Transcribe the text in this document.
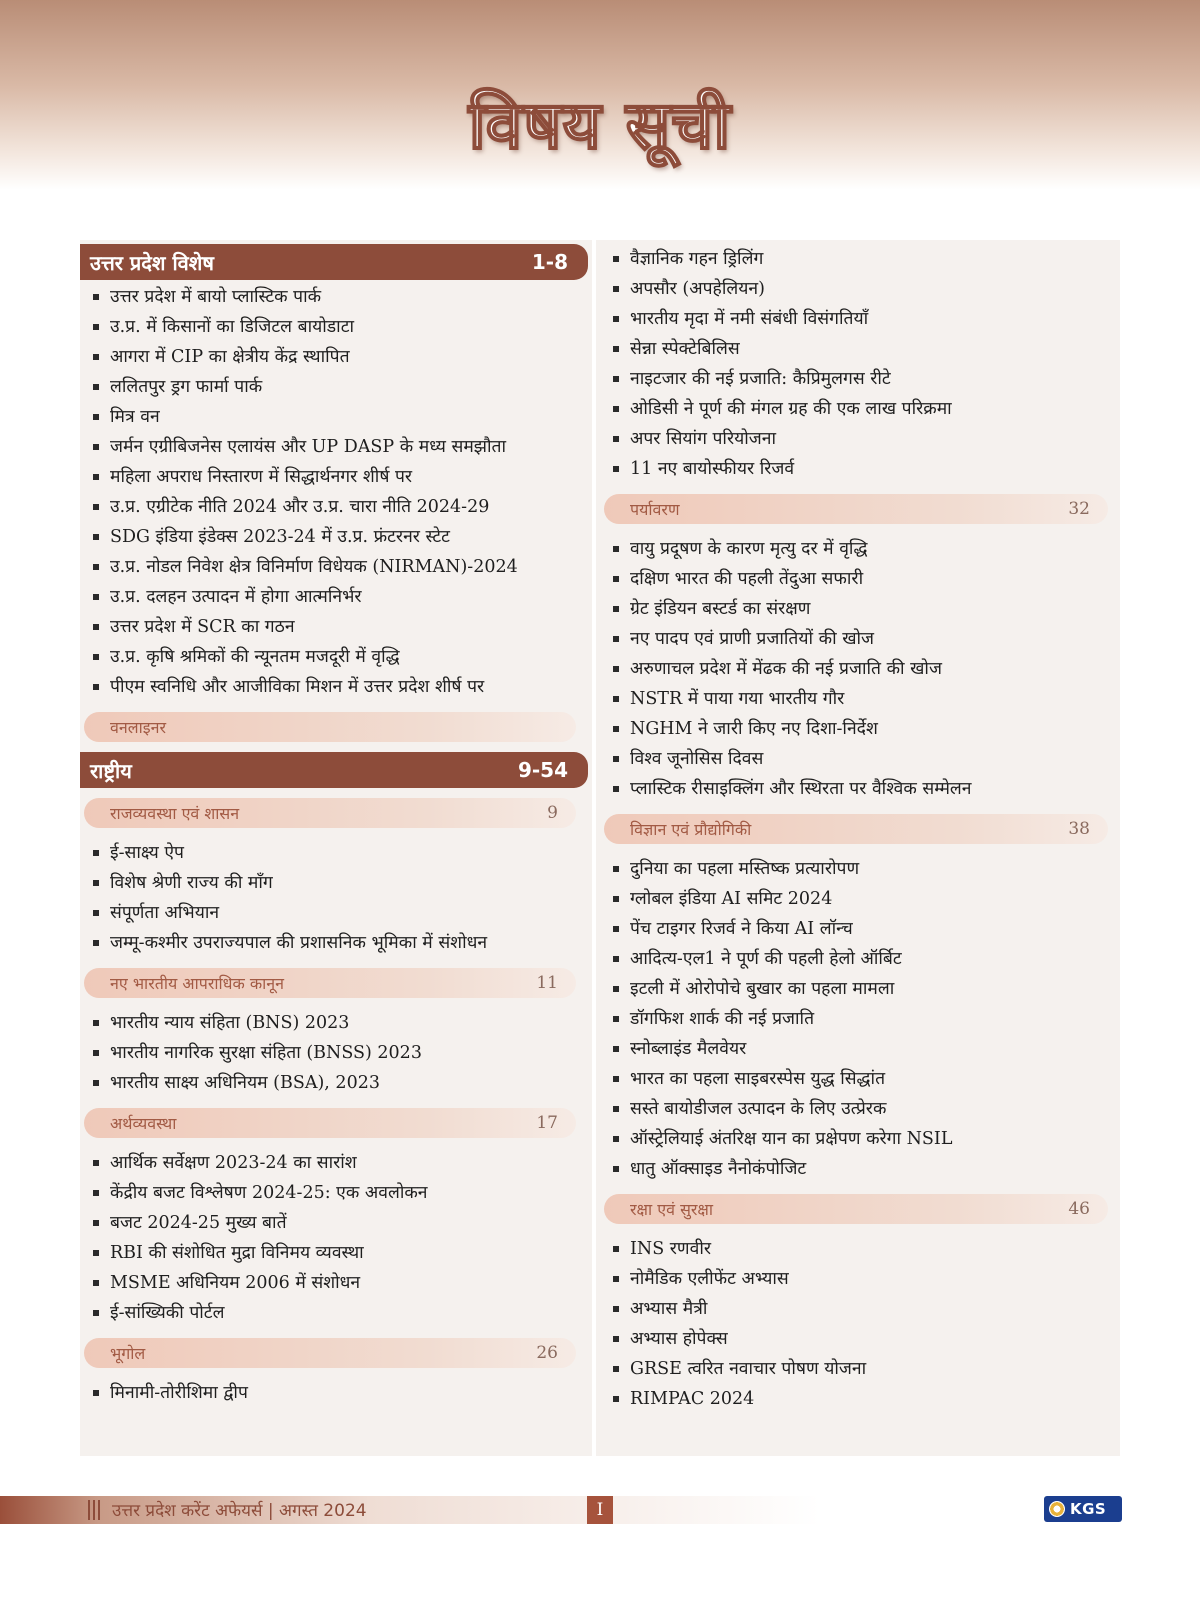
विषय सूची
उत्तर प्रदेश विशेष	1-8
उत्तर प्रदेश में बायो प्लास्टिक पार्क
उ.प्र. में किसानों का डिजिटल बायोडाटा
आगरा में CIP का क्षेत्रीय केंद्र स्थापित
ललितपुर ड्रग फार्मा पार्क
मित्र वन
जर्मन एग्रीबिजनेस एलायंस और UP DASP के मध्य समझौता
महिला अपराध निस्तारण में सिद्धार्थनगर शीर्ष पर
उ.प्र. एग्रीटेक नीति 2024 और उ.प्र. चारा नीति 2024-29
SDG इंडिया इंडेक्स 2023-24 में उ.प्र. फ्रंटरनर स्टेट
उ.प्र. नोडल निवेश क्षेत्र विनिर्माण विधेयक (NIRMAN)-2024
उ.प्र. दलहन उत्पादन में होगा आत्मनिर्भर
उत्तर प्रदेश में SCR का गठन
उ.प्र. कृषि श्रमिकों की न्यूनतम मजदूरी में वृद्धि
पीएम स्वनिधि और आजीविका मिशन में उत्तर प्रदेश शीर्ष पर
वनलाइनर
राष्ट्रीय	9-54
राजव्यवस्था एवं शासन	9
ई-साक्ष्य ऐप
विशेष श्रेणी राज्य की माँग
संपूर्णता अभियान
जम्मू-कश्मीर उपराज्यपाल की प्रशासनिक भूमिका में संशोधन
नए भारतीय आपराधिक कानून	11
भारतीय न्याय संहिता (BNS) 2023
भारतीय नागरिक सुरक्षा संहिता (BNSS) 2023
भारतीय साक्ष्य अधिनियम (BSA), 2023
अर्थव्यवस्था	17
आर्थिक सर्वेक्षण 2023-24 का सारांश
केंद्रीय बजट विश्लेषण 2024-25: एक अवलोकन
बजट 2024-25 मुख्य बातें
RBI की संशोधित मुद्रा विनिमय व्यवस्था
MSME अधिनियम 2006 में संशोधन
ई-सांख्यिकी पोर्टल
भूगोल	26
मिनामी-तोरीशिमा द्वीप
वैज्ञानिक गहन ड्रिलिंग
अपसौर (अपहेलियन)
भारतीय मृदा में नमी संबंधी विसंगतियाँ
सेन्ना स्पेक्टेबिलिस
नाइटजार की नई प्रजाति: कैप्रिमुलगस रीटे
ओडिसी ने पूर्ण की मंगल ग्रह की एक लाख परिक्रमा
अपर सियांग परियोजना
11 नए बायोस्फीयर रिजर्व
पर्यावरण	32
वायु प्रदूषण के कारण मृत्यु दर में वृद्धि
दक्षिण भारत की पहली तेंदुआ सफारी
ग्रेट इंडियन बस्टर्ड का संरक्षण
नए पादप एवं प्राणी प्रजातियों की खोज
अरुणाचल प्रदेश में मेंढक की नई प्रजाति की खोज
NSTR में पाया गया भारतीय गौर
NGHM ने जारी किए नए दिशा-निर्देश
विश्व जूनोसिस दिवस
प्लास्टिक रीसाइक्लिंग और स्थिरता पर वैश्विक सम्मेलन
विज्ञान एवं प्रौद्योगिकी	38
दुनिया का पहला मस्तिष्क प्रत्यारोपण
ग्लोबल इंडिया AI समिट 2024
पेंच टाइगर रिजर्व ने किया AI लॉन्च
आदित्य-एल1 ने पूर्ण की पहली हेलो ऑर्बिट
इटली में ओरोपोचे बुखार का पहला मामला
डॉगफिश शार्क की नई प्रजाति
स्नोब्लाइंड मैलवेयर
भारत का पहला साइबरस्पेस युद्ध सिद्धांत
सस्ते बायोडीजल उत्पादन के लिए उत्प्रेरक
ऑस्ट्रेलियाई अंतरिक्ष यान का प्रक्षेपण करेगा NSIL
धातु ऑक्साइड नैनोकंपोजिट
रक्षा एवं सुरक्षा	46
INS रणवीर
नोमैडिक एलीफेंट अभ्यास
अभ्यास मैत्री
अभ्यास होपेक्स
GRSE त्वरित नवाचार पोषण योजना
RIMPAC 2024
उत्तर प्रदेश करेंट अफेयर्स | अगस्त 2024	I	KGS
